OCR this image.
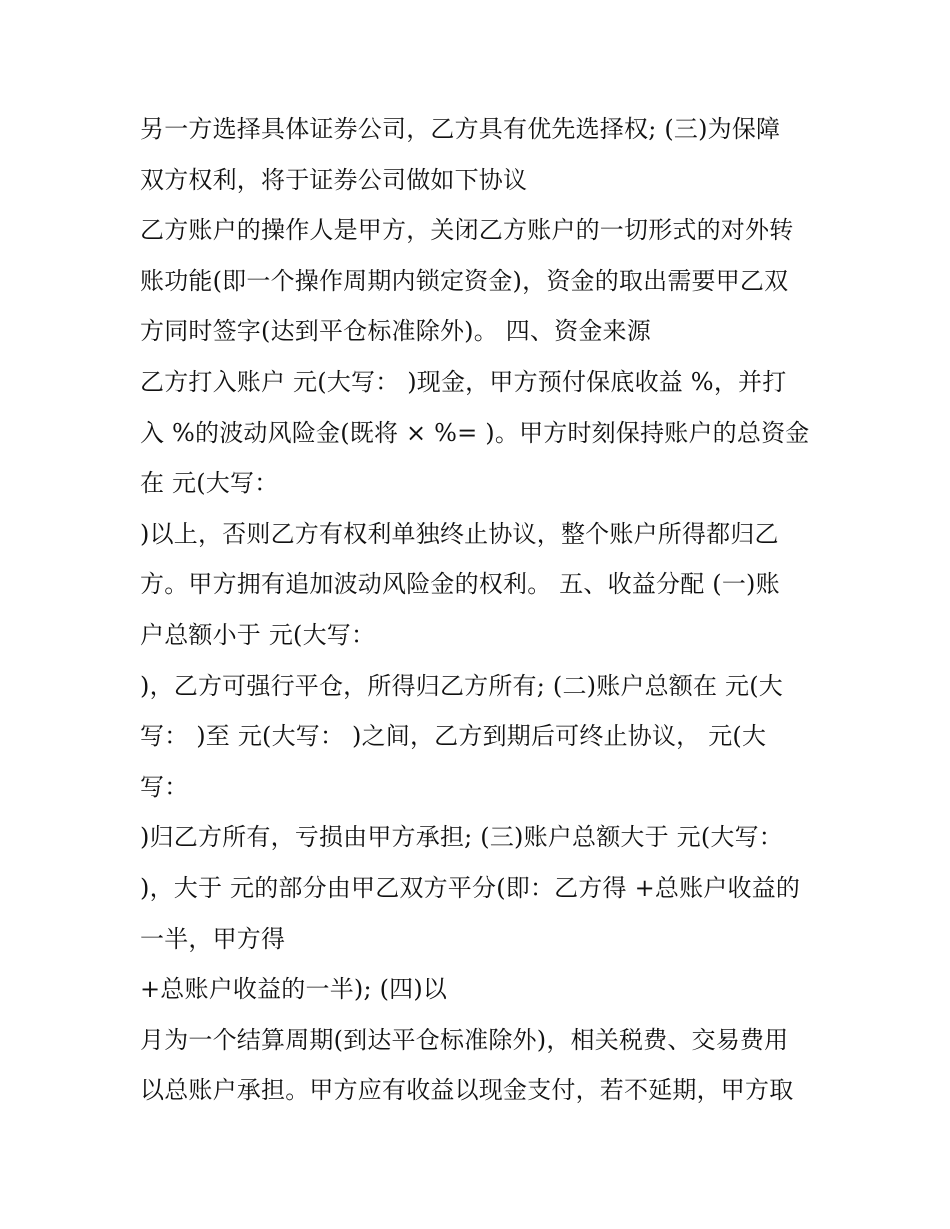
另一方选择具体证券公司，乙方具有优先选择权; (三)为保障
双方权利，将于证券公司做如下协议
乙方账户的操作人是甲方，关闭乙方账户的一切形式的对外转
账功能(即一个操作周期内锁定资金)，资金的取出需要甲乙双
方同时签字(达到平仓标准除外)。 四、资金来源
乙方打入账户 元(大写： )现金，甲方预付保底收益 %，并打
入 %的波动风险金(既将 × %= )。甲方时刻保持账户的总资金
在 元(大写：
)以上，否则乙方有权利单独终止协议，整个账户所得都归乙
方。甲方拥有追加波动风险金的权利。 五、收益分配 (一)账
户总额小于 元(大写：
)，乙方可强行平仓，所得归乙方所有; (二)账户总额在 元(大
写： )至 元(大写： )之间，乙方到期后可终止协议， 元(大
写：
)归乙方所有，亏损由甲方承担; (三)账户总额大于 元(大写：
)，大于 元的部分由甲乙双方平分(即：乙方得 +总账户收益的
一半，甲方得
+总账户收益的一半); (四)以
月为一个结算周期(到达平仓标准除外)，相关税费、交易费用
以总账户承担。甲方应有收益以现金支付，若不延期，甲方取
